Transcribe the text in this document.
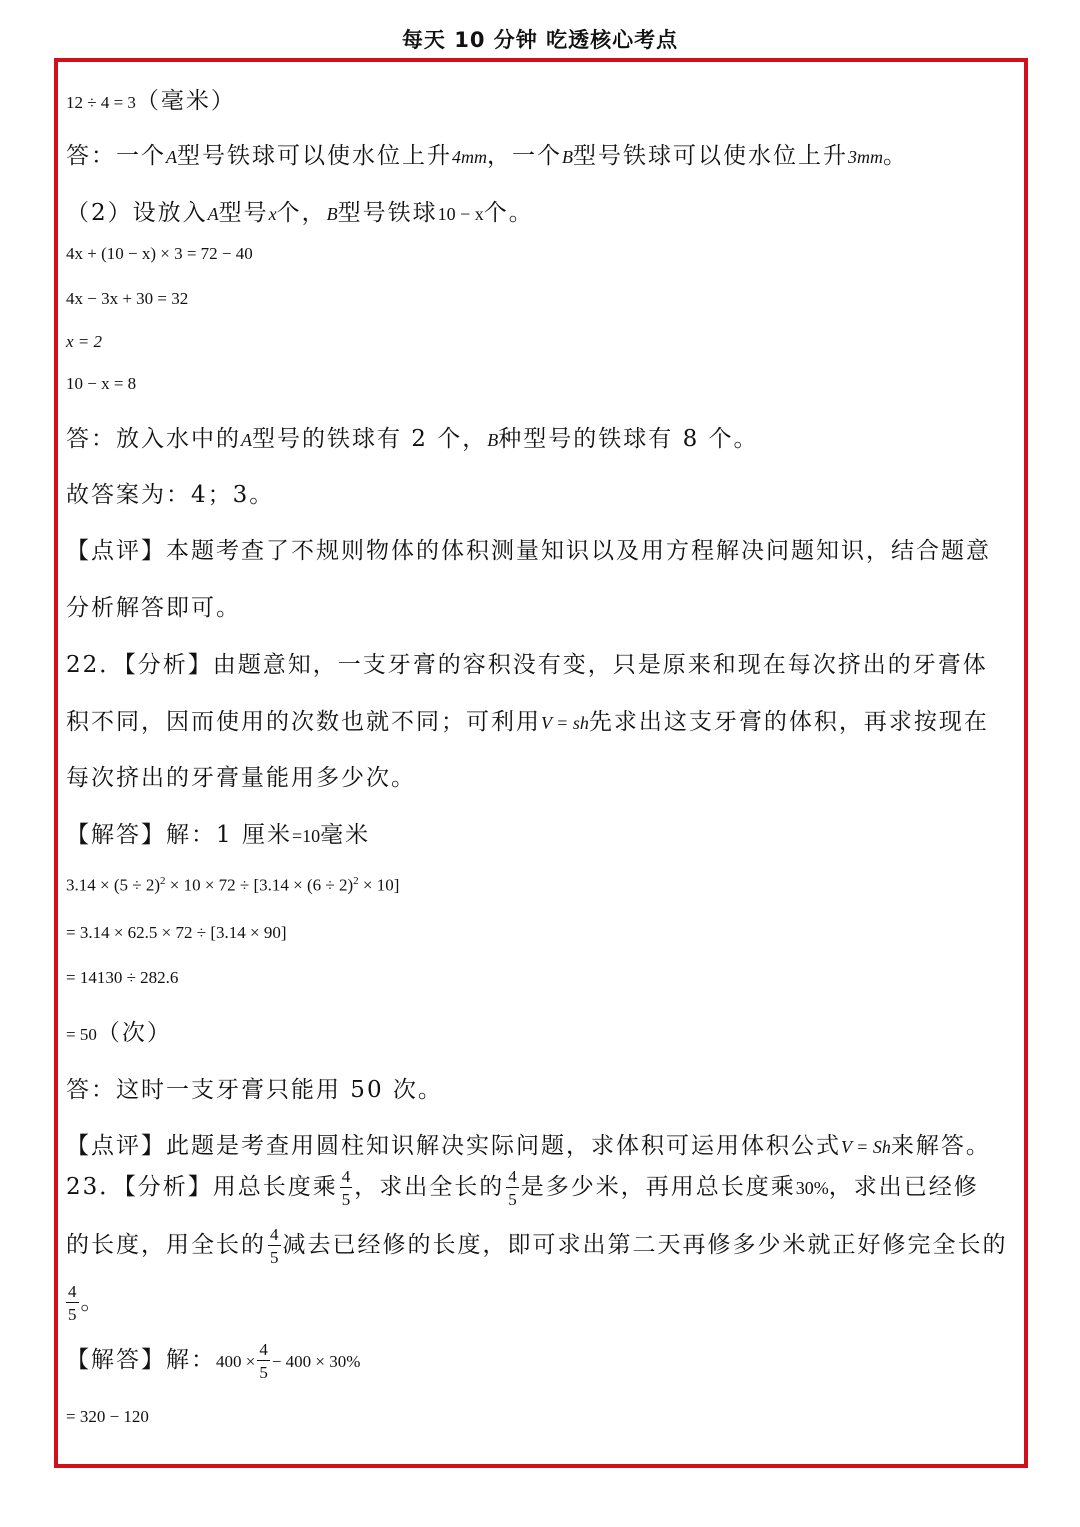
每天 10 分钟 吃透核心考点
12 ÷ 4 = 3（毫米）
答：一个A型号铁球可以使水位上升4mm，一个B型号铁球可以使水位上升3mm。
（2）设放入A型号x个，B型号铁球10 − x个。
4x + (10 − x) × 3 = 72 − 40
4x − 3x + 30 = 32
x = 2
10 − x = 8
答：放入水中的A型号的铁球有 2 个，B种型号的铁球有 8 个。
故答案为：4；3。
【点评】本题考查了不规则物体的体积测量知识以及用方程解决问题知识，结合题意
分析解答即可。
22．【分析】由题意知，一支牙膏的容积没有变，只是原来和现在每次挤出的牙膏体
积不同，因而使用的次数也就不同；可利用V = sh先求出这支牙膏的体积，再求按现在
每次挤出的牙膏量能用多少次。
【解答】解：1 厘米=10毫米
$3.14 \times (5 \div 2)^2 \times 10 \times 72 \div [3.14 \times (6 \div 2)^2 \times 10]$
= 3.14 × 62.5 × 72 ÷ [3.14 × 90]
= 14130 ÷ 282.6
= 50（次）
答：这时一支牙膏只能用 50 次。
【点评】此题是考查用圆柱知识解决实际问题，求体积可运用体积公式V = Sh来解答。
23．【分析】用总长度乘 $\frac{4}{5}$ ，求出全长的 $\frac{4}{5}$ 是多少米，再用总长度乘30%，求出已经修
的长度，用全长的 $\frac{4}{5}$ 减去已经修的长度，即可求出第二天再修多少米就正好修完全长的
$\frac{4}{5}$ 。
【解答】解：$400 \times \frac{4}{5} - 400 \times 30\%$
= 320 − 120
